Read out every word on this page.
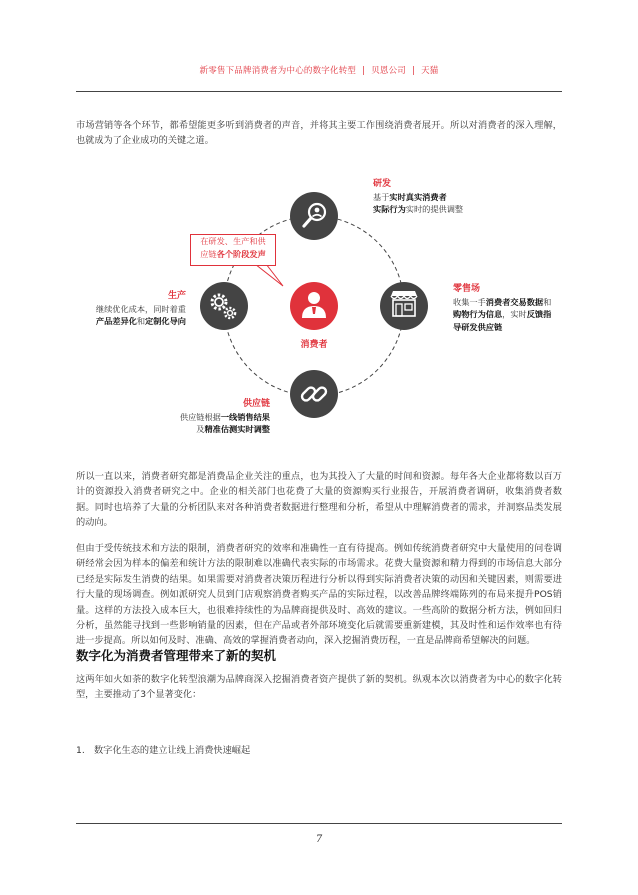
新零售下品牌消费者为中心的数字化转型 | 贝恩公司 | 天猫

市场营销等各个环节，都希望能更多听到消费者的声音，并将其主要工作围绕消费者展开。所以对消费者的深入理解，也就成为了企业成功的关键之道。

消费者
在研发、生产和供
应链各个阶段发声
研发
基于实时真实消费者
实际行为实时的提供调整
零售场
收集一手消费者交易数据和
购物行为信息，实时反馈指
导研发供应链
生产
继续优化成本，同时着重
产品差异化和定制化导向
供应链
供应链根据一线销售结果
及精准估测实时调整

所以一直以来，消费者研究都是消费品企业关注的重点，也为其投入了大量的时间和资源。每年各大企业都将数以百万计的资源投入消费者研究之中。企业的相关部门也花费了大量的资源购买行业报告，开展消费者调研，收集消费者数据。同时也培养了大量的分析团队来对各种消费者数据进行整理和分析，希望从中理解消费者的需求，并洞察品类发展的动向。

但由于受传统技术和方法的限制，消费者研究的效率和准确性一直有待提高。例如传统消费者研究中大量使用的问卷调研经常会因为样本的偏差和统计方法的限制难以准确代表实际的市场需求。花费大量资源和精力得到的市场信息大部分已经是实际发生消费的结果。如果需要对消费者决策历程进行分析以得到实际消费者决策的动因和关键因素，则需要进行大量的现场调查。例如派研究人员到门店观察消费者购买产品的实际过程，以改善品牌终端陈列的布局来提升POS销量。这样的方法投入成本巨大，也很难持续性的为品牌商提供及时、高效的建议。一些高阶的数据分析方法，例如回归分析，虽然能寻找到一些影响销量的因素，但在产品或者外部环境变化后就需要重新建模，其及时性和运作效率也有待进一步提高。所以如何及时、准确、高效的掌握消费者动向，深入挖掘消费历程，一直是品牌商希望解决的问题。

数字化为消费者管理带来了新的契机

这两年如火如荼的数字化转型浪潮为品牌商深入挖掘消费者资产提供了新的契机。纵观本次以消费者为中心的数字化转型，主要推动了3个显著变化：

1. 数字化生态的建立让线上消费快速崛起
7
